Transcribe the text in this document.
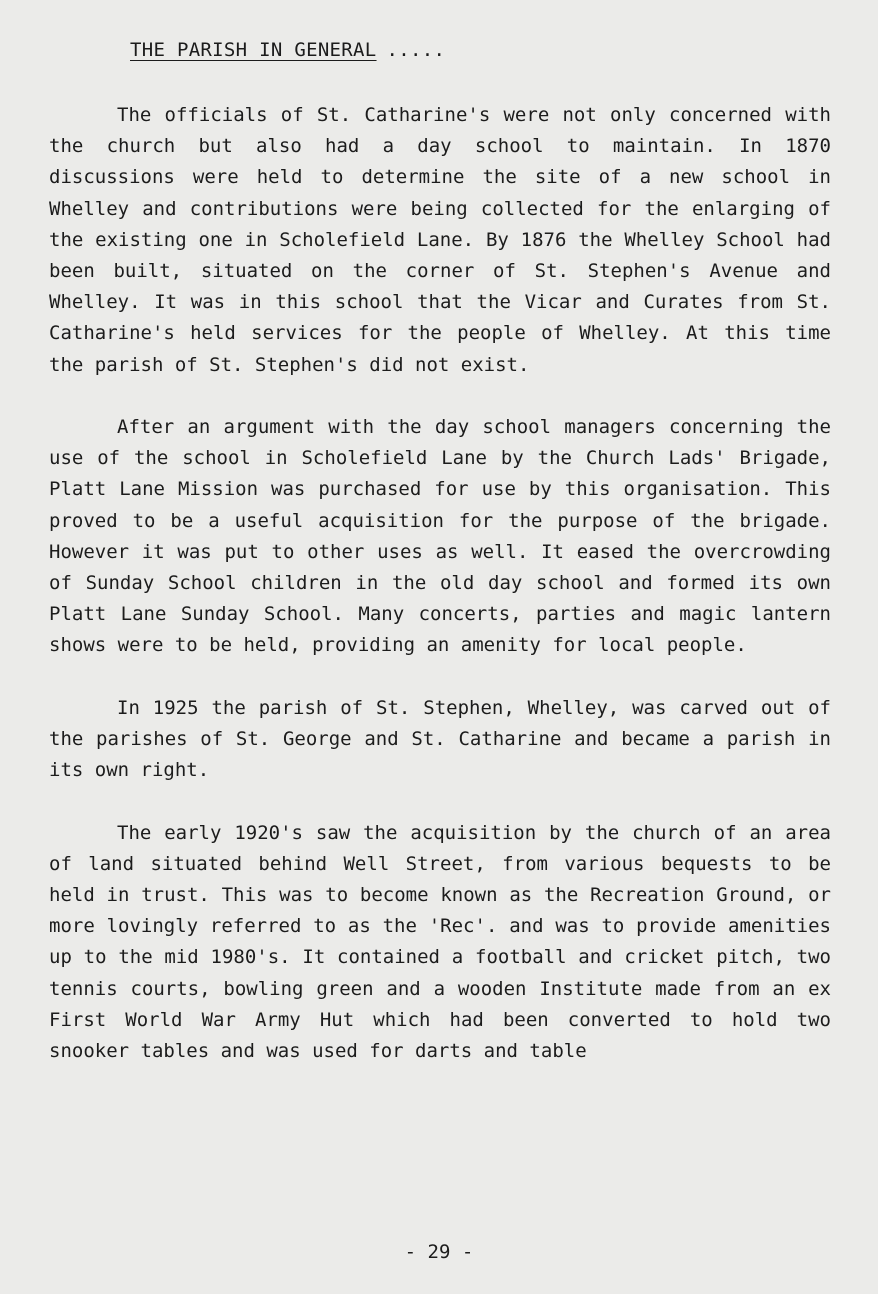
THE PARISH IN GENERAL .....

The officials of St. Catharine's were not only concerned with the church but also had a day school to maintain. In 1870 discussions were held to determine the site of a new school in Whelley and contributions were being collected for the enlarging of the existing one in Scholefield Lane. By 1876 the Whelley School had been built, situated on the corner of St. Stephen's Avenue and Whelley. It was in this school that the Vicar and Curates from St. Catharine's held services for the people of Whelley. At this time the parish of St. Stephen's did not exist.

After an argument with the day school managers concerning the use of the school in Scholefield Lane by the Church Lads' Brigade, Platt Lane Mission was purchased for use by this organisation. This proved to be a useful acquisition for the purpose of the brigade. However it was put to other uses as well. It eased the overcrowding of Sunday School children in the old day school and formed its own Platt Lane Sunday School. Many concerts, parties and magic lantern shows were to be held, providing an amenity for local people.

In 1925 the parish of St. Stephen, Whelley, was carved out of the parishes of St. George and St. Catharine and became a parish in its own right.

The early 1920's saw the acquisition by the church of an area of land situated behind Well Street, from various bequests to be held in trust. This was to become known as the Recreation Ground, or more lovingly referred to as the 'Rec'. and was to provide amenities up to the mid 1980's. It contained a football and cricket pitch, two tennis courts, bowling green and a wooden Institute made from an ex First World War Army Hut which had been converted to hold two snooker tables and was used for darts and table

- 29 -
